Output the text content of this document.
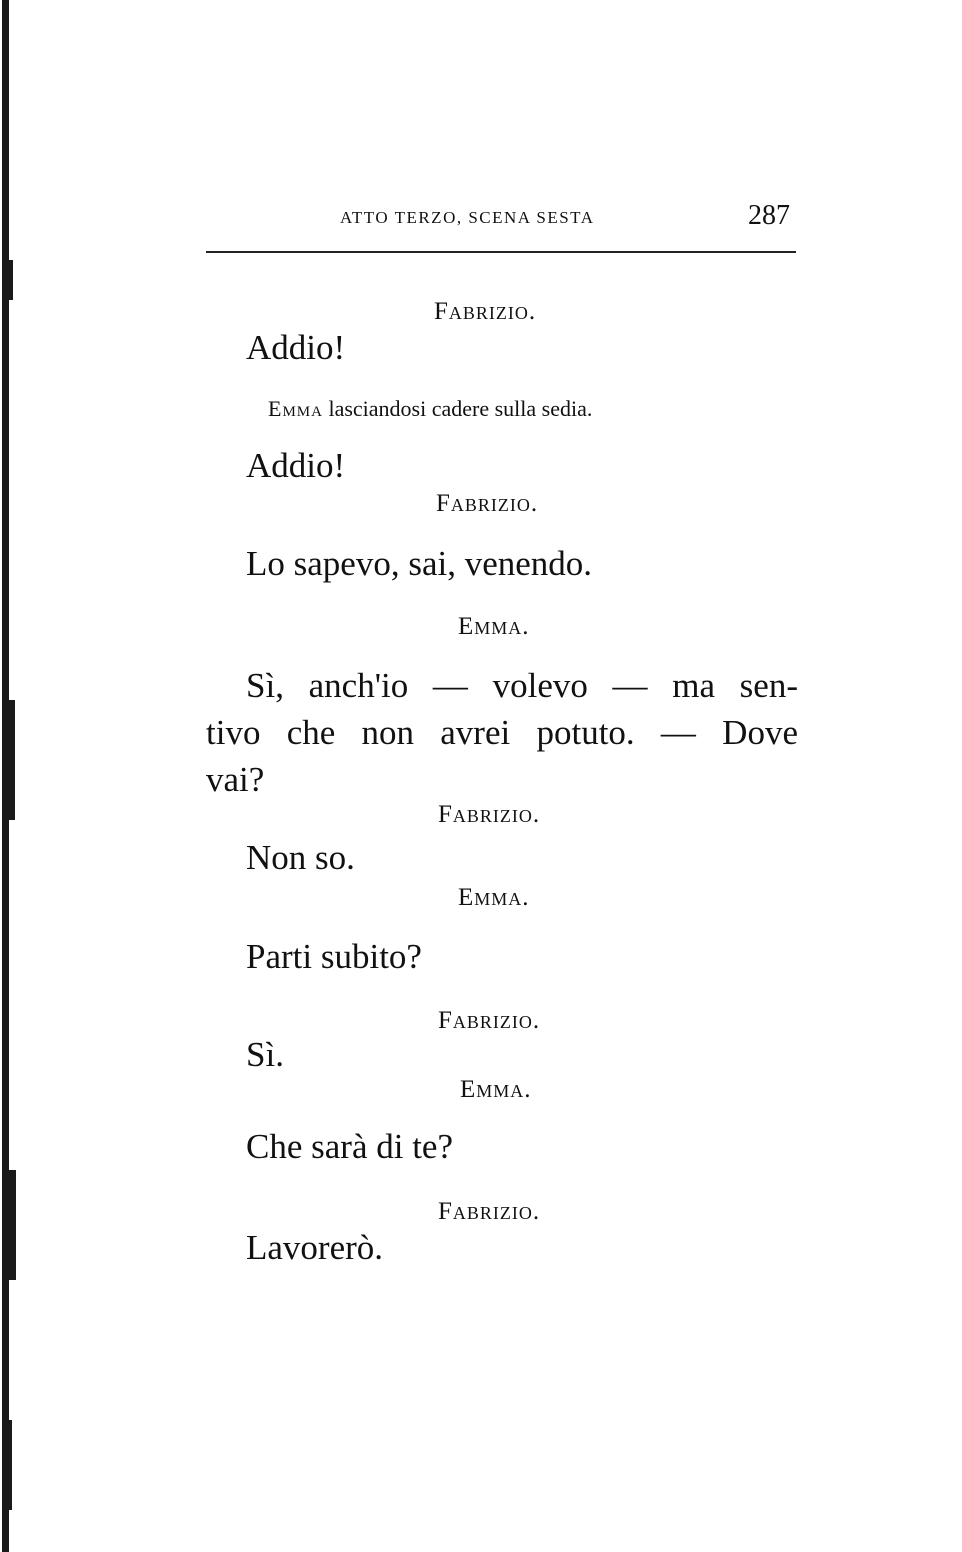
ATTO TERZO, SCENA SESTA	287
Fabrizio.
Addio!
Emma lasciandosi cadere sulla sedia.
Addio!
Fabrizio.
Lo sapevo, sai, venendo.
Emma.
Sì, anch'io — volevo — ma sen-
tivo che non avrei potuto. — Dove
vai?
Fabrizio.
Non so.
Emma.
Parti subito?
Fabrizio.
Sì.
Emma.
Che sarà di te?
Fabrizio.
Lavorerò.
